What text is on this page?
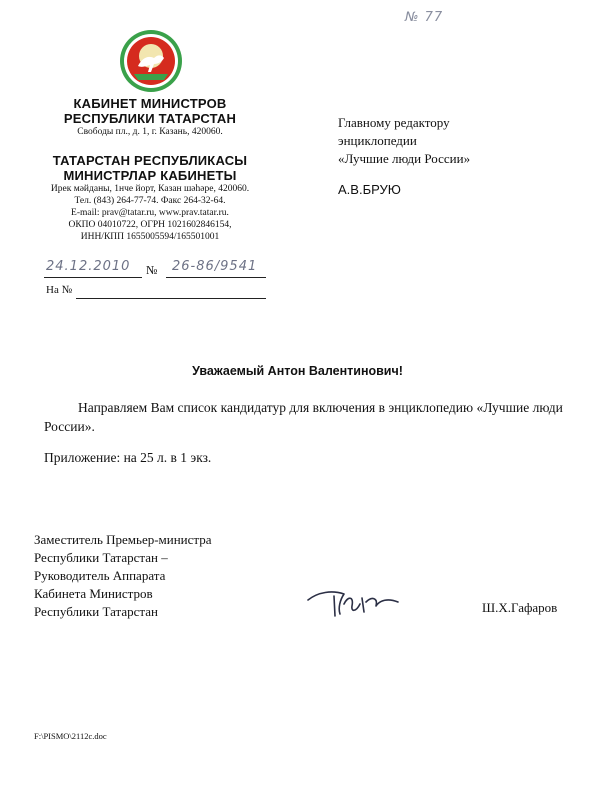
№ 77
КАБИНЕТ МИНИСТРОВ
РЕСПУБЛИКИ ТАТАРСТАН
Свободы пл., д. 1, г. Казань, 420060.
ТАТАРСТАН РЕСПУБЛИКАСЫ
МИНИСТРЛАР КАБИНЕТЫ
Ирек мәйданы, 1нче йорт, Казан шәһәре, 420060.
Тел. (843) 264-77-74. Факс 264-32-64.
E-mail: prav@tatar.ru, www.prav.tatar.ru.
ОКПО 04010722, ОГРН 1021602846154,
ИНН/КПП 1655005594/165501001
Главному редактору
энциклопедии
«Лучшие люди России»
А.В.БРУЮ
24.12.2010 № 26-86/9541
На №
Уважаемый Антон Валентинович!

Направляем Вам список кандидатур для включения в энциклопедию «Лучшие люди России».

Приложение: на 25 л. в 1 экз.
Заместитель Премьер-министра
Республики Татарстан –
Руководитель Аппарата
Кабинета Министров
Республики Татарстан	Ш.Х.Гафаров
F:\PISMO\2112c.doc
